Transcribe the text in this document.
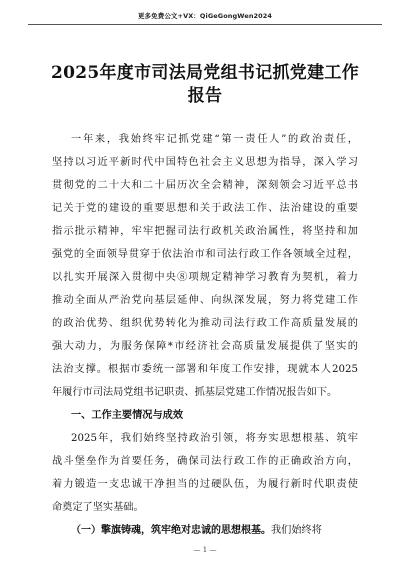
更多免费公文+VX：QiGeGongWen2024
2025年度市司法局党组书记抓党建工作
报告
一年来，我始终牢记抓党建“第一责任人”的政治责任，
坚持以习近平新时代中国特色社会主义思想为指导，深入学习
贯彻党的二十大和二十届历次全会精神，深刻领会习近平总书
记关于党的建设的重要思想和关于政法工作、法治建设的重要
指示批示精神，牢牢把握司法行政机关政治属性，将坚持和加
强党的全面领导贯穿于依法治市和司法行政工作各领域全过程，
以扎实开展深入贯彻中央⑧项规定精神学习教育为契机，着力
推动全面从严治党向基层延伸、向纵深发展，努力将党建工作
的政治优势、组织优势转化为推动司法行政工作高质量发展的
强大动力，为服务保障*市经济社会高质量发展提供了坚实的
法治支撑。根据市委统一部署和年度工作安排，现就本人2025
年履行市司法局党组书记职责、抓基层党建工作情况报告如下。
一、工作主要情况与成效
2025年，我们始终坚持政治引领，将夯实思想根基、筑牢
战斗堡垒作为首要任务，确保司法行政工作的正确政治方向，
着力锻造一支忠诚干净担当的过硬队伍，为履行新时代职责使
命奠定了坚实基础。
（一）擎旗铸魂，筑牢绝对忠诚的思想根基。我们始终将
— 1 —
